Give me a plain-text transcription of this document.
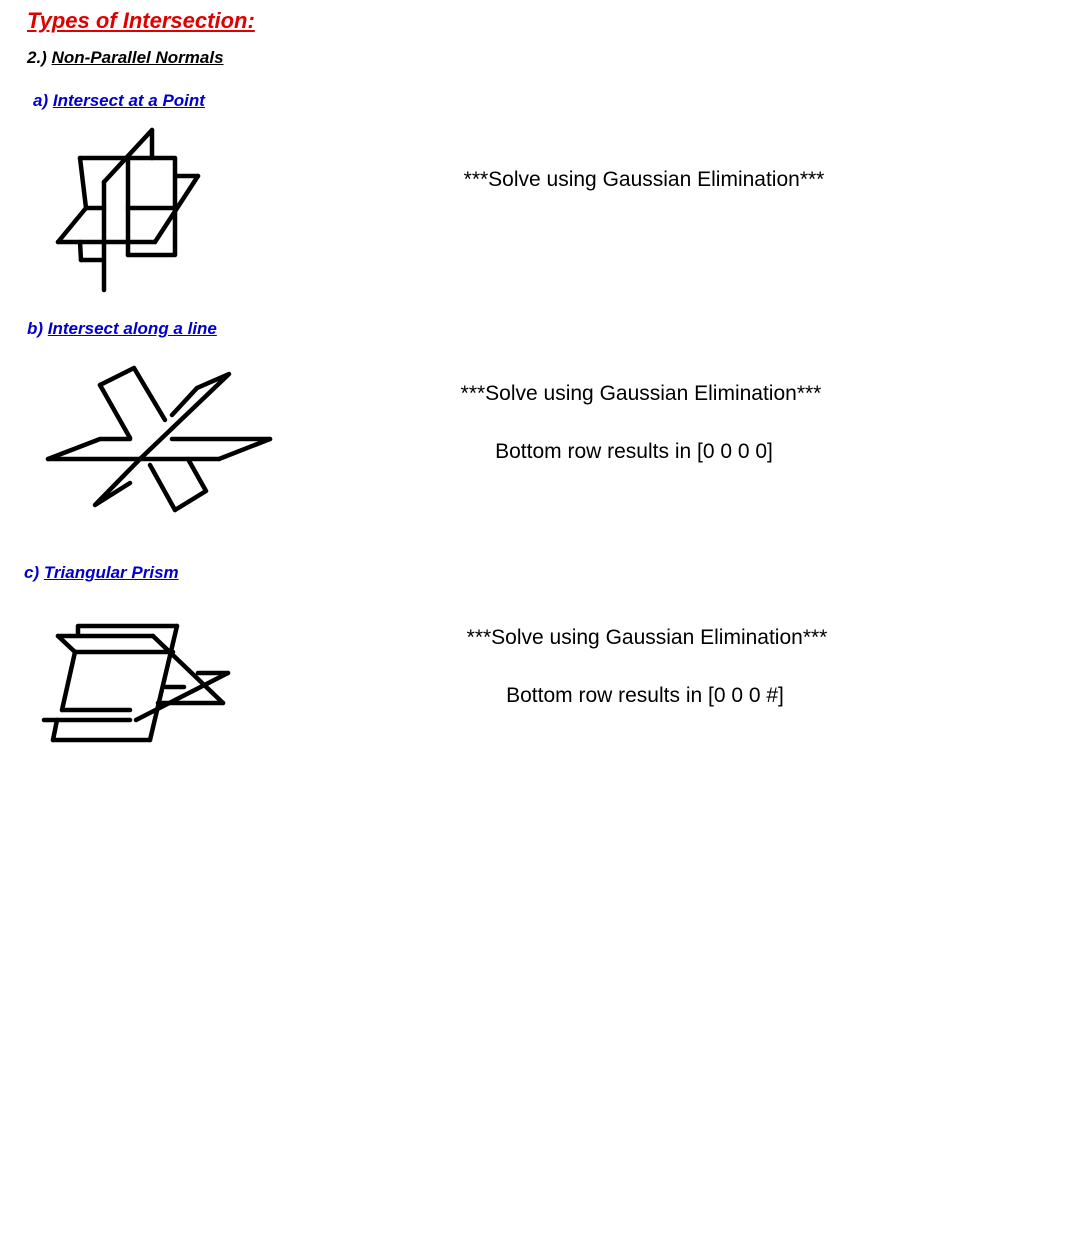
Types of Intersection:
2.) Non-Parallel Normals
a) Intersect at a Point
***Solve using Gaussian Elimination***
b) Intersect along a line
***Solve using Gaussian Elimination***
Bottom row results in [0 0 0 0]
c) Triangular Prism
***Solve using Gaussian Elimination***
Bottom row results in [0 0 0 #]
